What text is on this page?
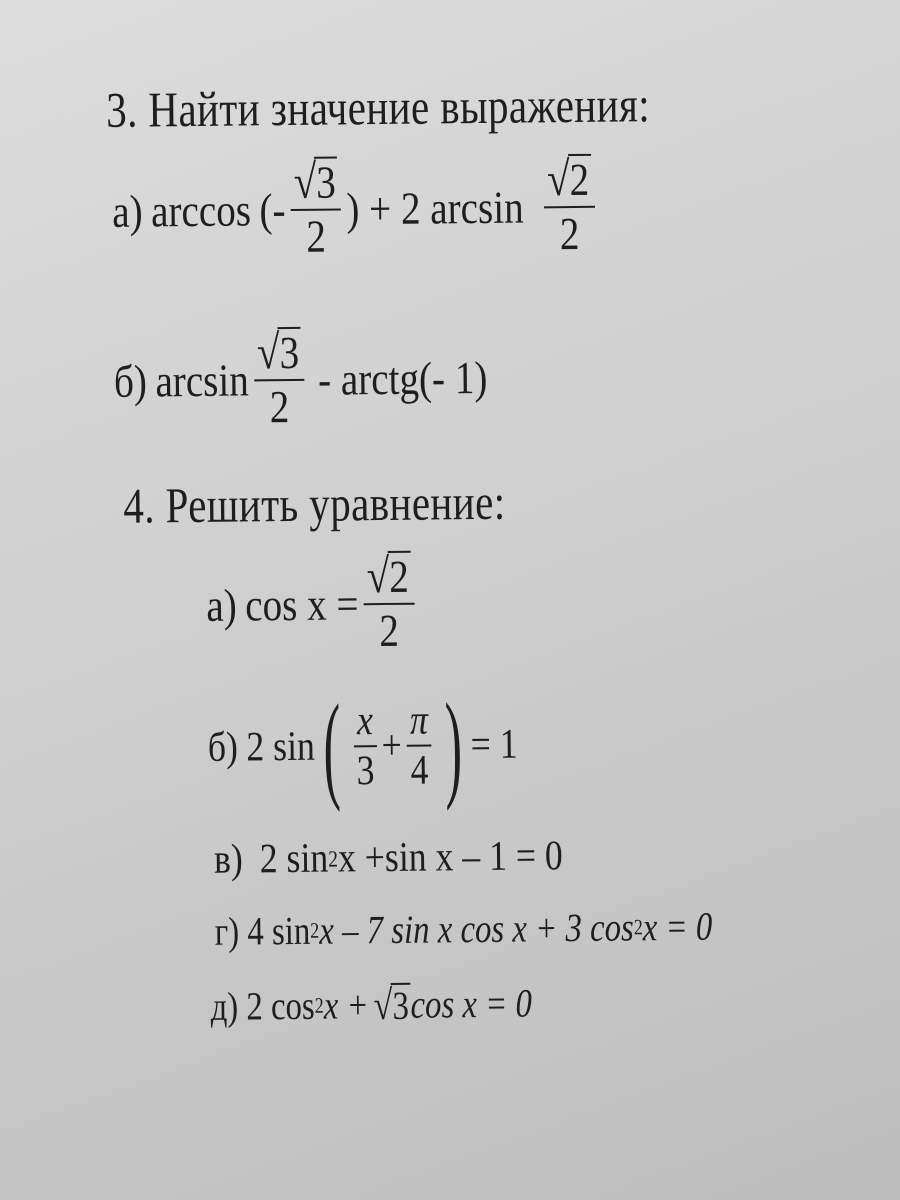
3. Найти значение выражения:
а) arccos (- $\frac{√ 3}{2}$ ) + 2 $\arcsin \frac{√ 2}{2}$
б) $\arcsin \frac{√ 3}{2}$ - arctg(- 1)
4. Решить уравнение:
а) $\cos x = \frac{√ 2}{2}$
б) 2 sin ( $\frac{x}{3} + \frac{\pi}{4}$ ) = 1
в) 2 sin 2 x +sin x – 1 = 0
г) 4 sin 2 x – 7 sin x cos x + 3 cos 2 x = 0
д) 2 cos 2 x + √ 3 cos x = 0
